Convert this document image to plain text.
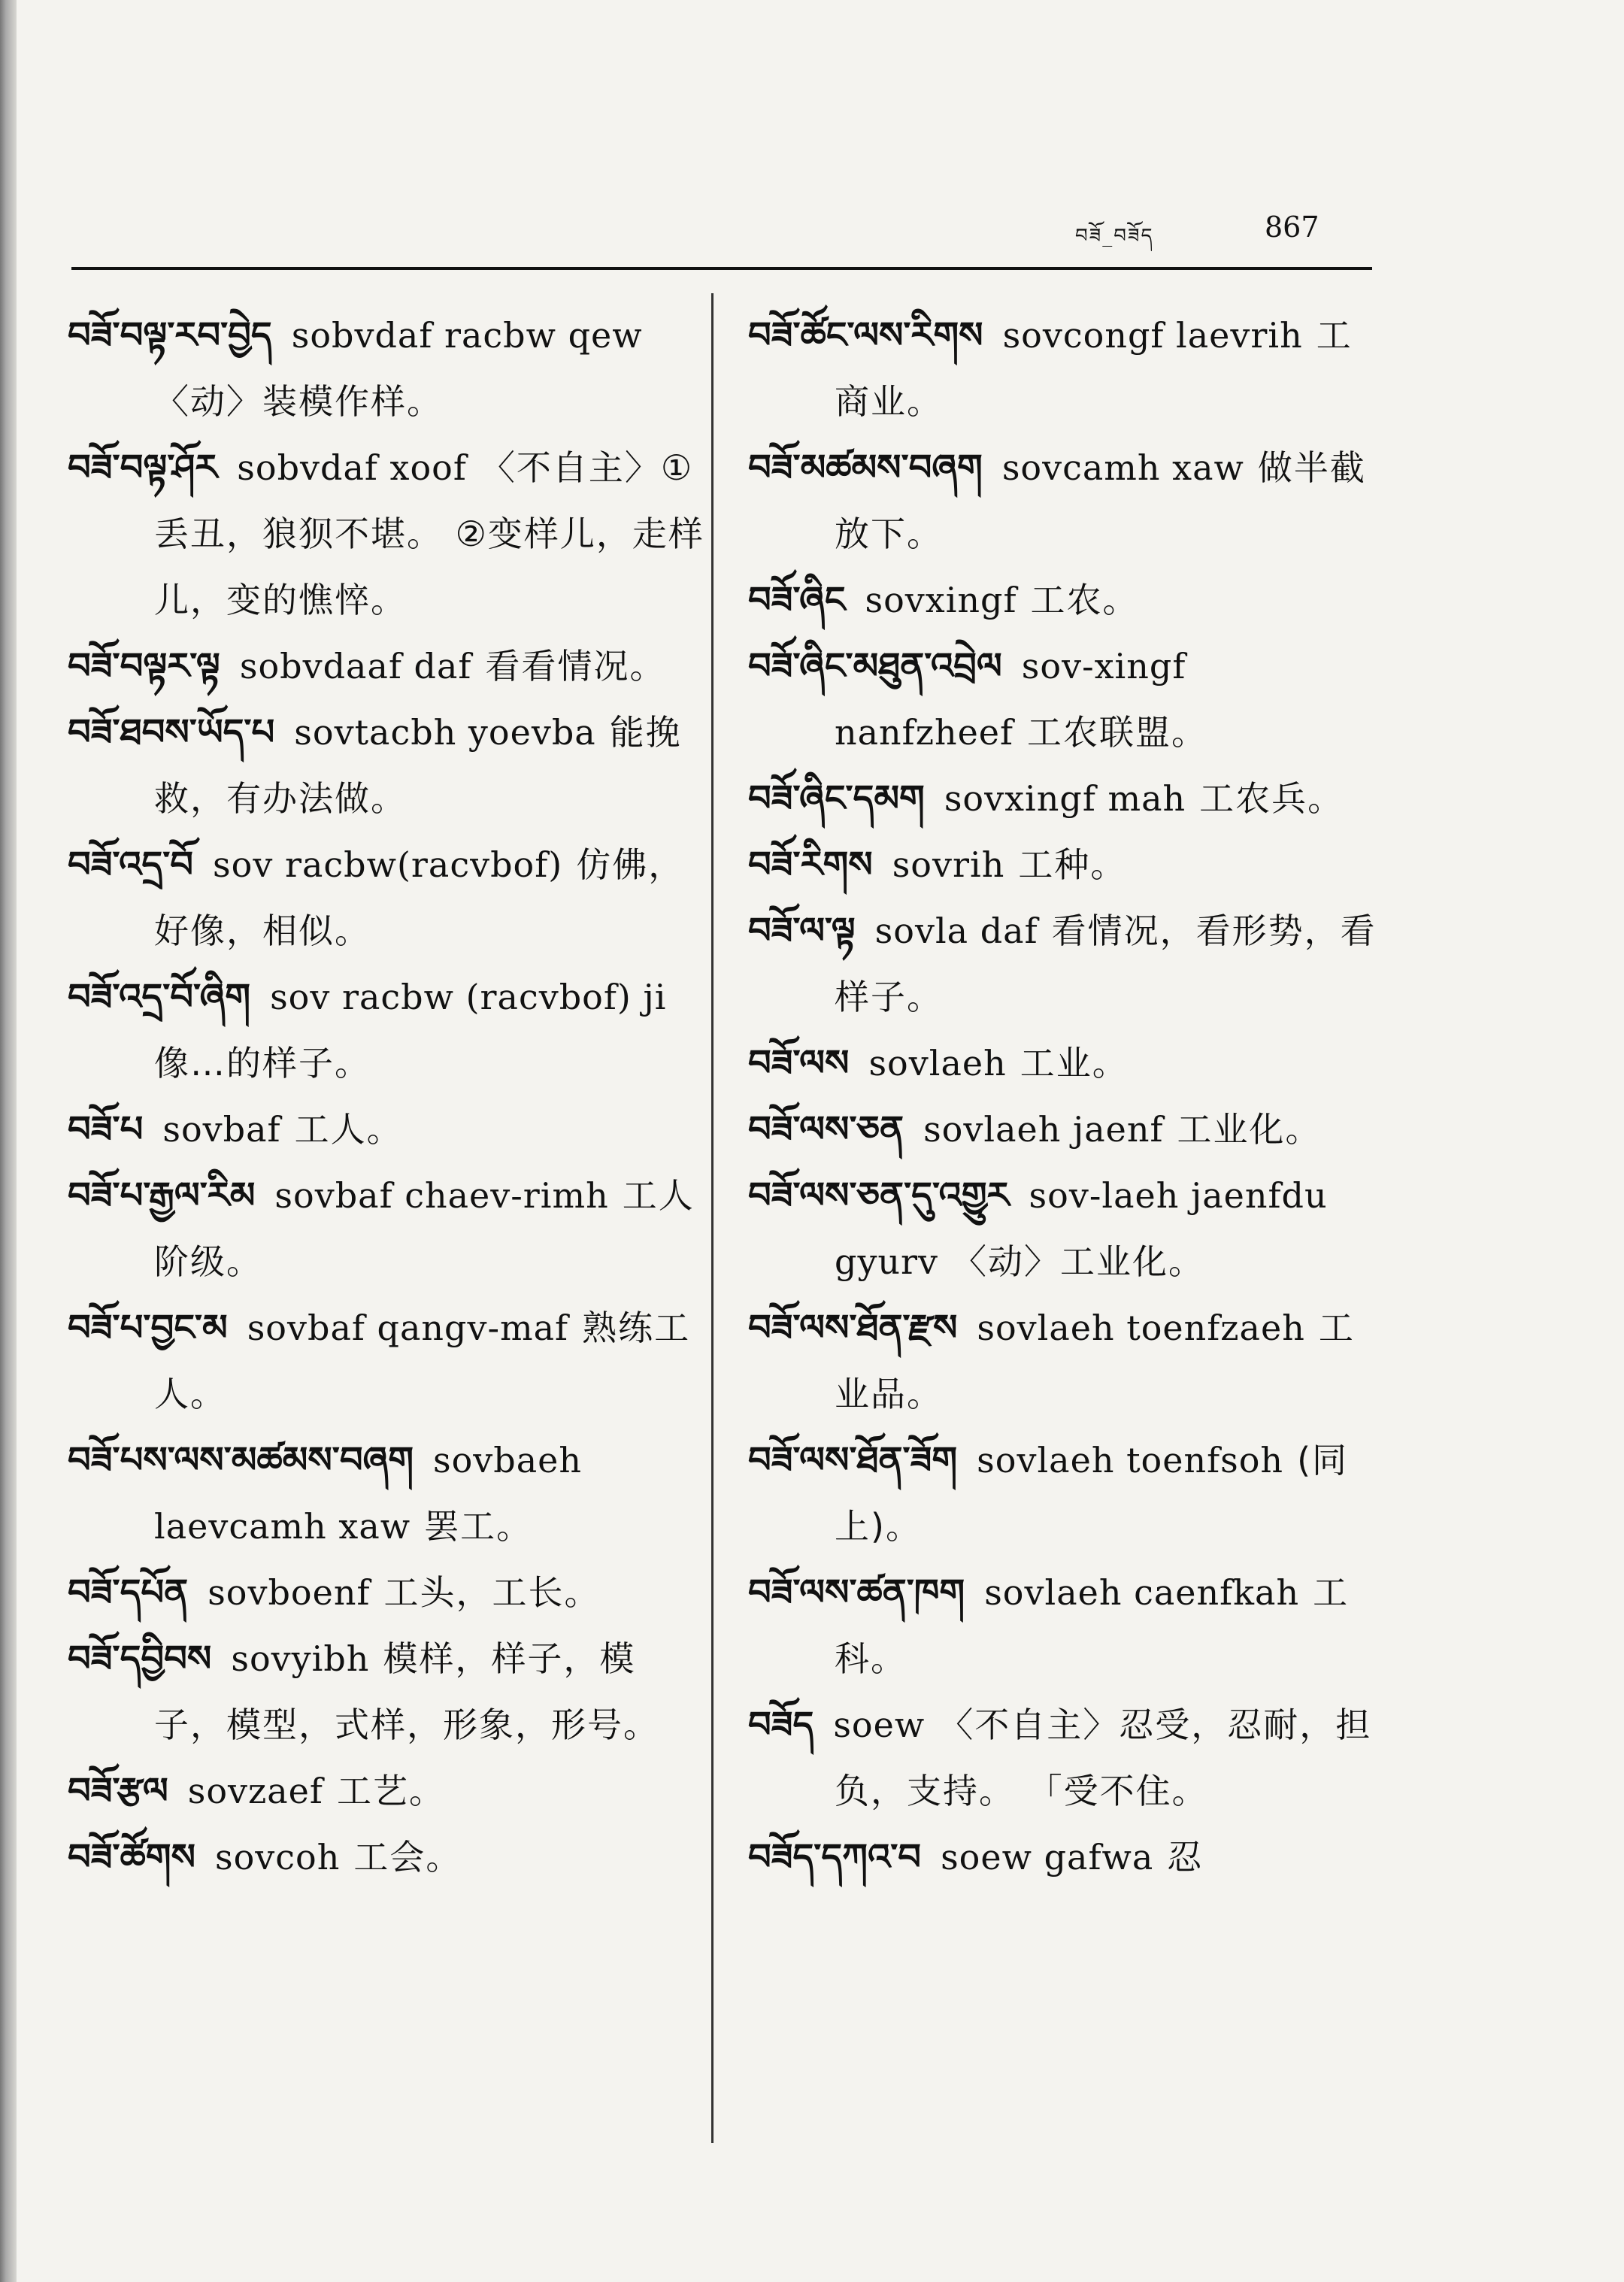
བཟོ_བཟོད	867

བཟོ་བལྟ་རབ་བྱེད sobvdaf racbw qew〈动〉装模作样。

བཟོ་བལྟ་ཤོར sobvdaf xoof 〈不自主〉①丢丑，狼狈不堪。 ②变样儿，走样儿，变的憔悴。

བཟོ་བལྟར་ལྟ sobvdaaf daf 看看情况。

བཟོ་ཐབས་ཡོད་པ sovtacbh yoevba 能挽救，有办法做。

བཟོ་འདྲ་བོ sov racbw(racvbof) 仿佛，好像，相似。

བཟོ་འདྲ་བོ་ཞིག sov racbw (racvbof) ji像…的样子。

བཟོ་པ sovbaf 工人。

བཟོ་པ་རྒྱལ་རིམ sovbaf chaev-rimh 工人阶级。

བཟོ་པ་བྱང་མ sovbaf qangv-maf 熟练工人。

བཟོ་པས་ལས་མཚམས་བཞག sovbaeh laevcamh xaw 罢工。

བཟོ་དཔོན sovboenf 工头，工长。

བཟོ་དབྱིབས sovyibh 模样，样子，模子，模型，式样，形象，形号。

བཟོ་རྩལ sovzaef 工艺。

བཟོ་ཚོགས sovcoh 工会。

བཟོ་ཚོང་ལས་རིགས sovcongf laevrih 工商业。

བཟོ་མཚམས་བཞག sovcamh xaw 做半截放下。

བཟོ་ཞིང sovxingf 工农。

བཟོ་ཞིང་མཐུན་འབྲེལ sov-xingf nanfzheef 工农联盟。

བཟོ་ཞིང་དམག sovxingf mah 工农兵。

བཟོ་རིགས sovrih 工种。

བཟོ་ལ་ལྟ sovla daf 看情况，看形势，看样子。

བཟོ་ལས sovlaeh 工业。

བཟོ་ལས་ཅན sovlaeh jaenf 工业化。

བཟོ་ལས་ཅན་དུ་འགྱུར sov-laeh jaenfdu gyurv 〈动〉工业化。

བཟོ་ལས་ཐོན་རྫས sovlaeh toenfzaeh 工业品。

བཟོ་ལས་ཐོན་ཟོག sovlaeh toenfsoh (同上)。

བཟོ་ལས་ཚན་ཁག sovlaeh caenfkah 工科。

བཟོད soew 〈不自主〉忍受，忍耐，担负，支持。 「受不住。

བཟོད་དཀའ་བ soew gafwa 忍
